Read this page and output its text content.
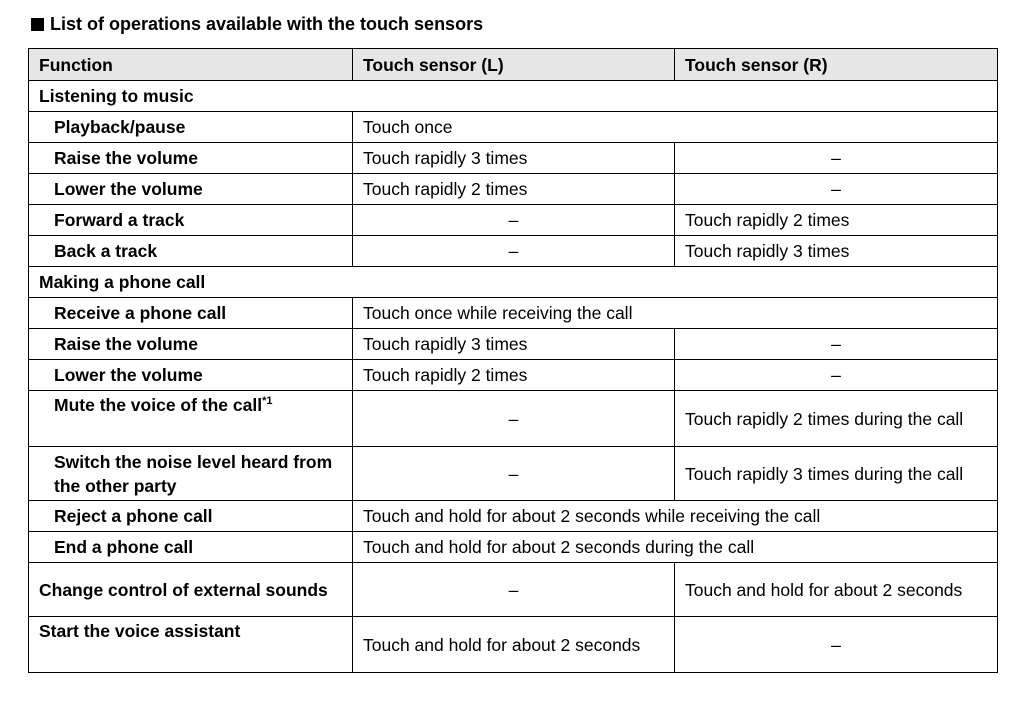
List of operations available with the touch sensors
Function	Touch sensor (L)	Touch sensor (R)
Listening to music		
Playback/pause	Touch once	
Raise the volume	Touch rapidly 3 times	–
Lower the volume	Touch rapidly 2 times	–
Forward a track	–	Touch rapidly 2 times
Back a track	–	Touch rapidly 3 times
Making a phone call		
Receive a phone call	Touch once while receiving the call	
Raise the volume	Touch rapidly 3 times	–
Lower the volume	Touch rapidly 2 times	–
Mute the voice of the call$^{*1}$	–	Touch rapidly 2 times during the call
Switch the noise level heard from the other party	–	Touch rapidly 3 times during the call
Reject a phone call	Touch and hold for about 2 seconds while receiving the call	
End a phone call	Touch and hold for about 2 seconds during the call	
Change control of external sounds	–	Touch and hold for about 2 seconds
Start the voice assistant	Touch and hold for about 2 seconds	–
